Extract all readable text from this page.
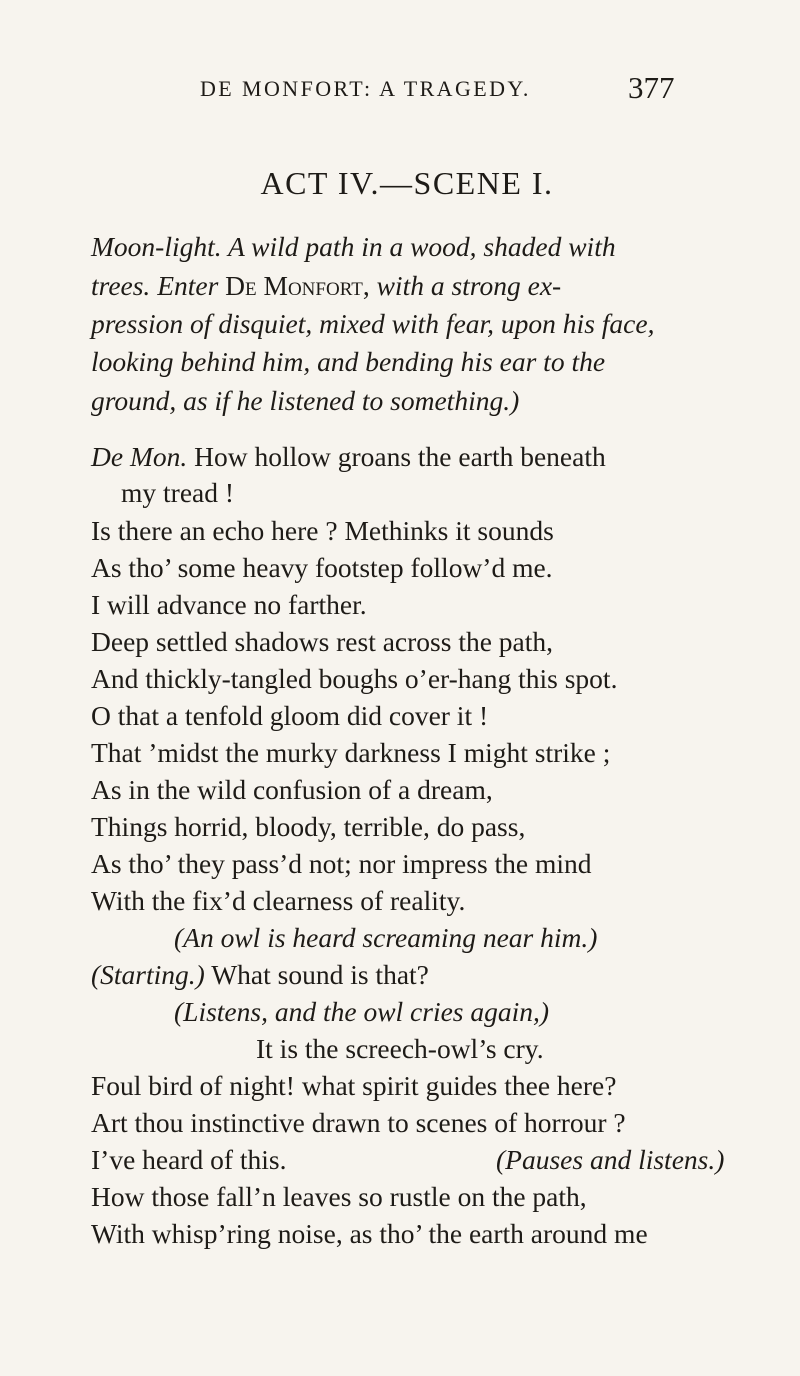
DE MONFORT: A TRAGEDY.	377
ACT IV.—SCENE I.
Moon-light. A wild path in a wood, shaded with
trees. Enter De Monfort, with a strong ex-
pression of disquiet, mixed with fear, upon his face,
looking behind him, and bending his ear to the
ground, as if he listened to something.)
De Mon. How hollow groans the earth beneath
my tread !
Is there an echo here ? Methinks it sounds
As tho’ some heavy footstep follow’d me.
I will advance no farther.
Deep settled shadows rest across the path,
And thickly-tangled boughs o’er-hang this spot.
O that a tenfold gloom did cover it !
That ’midst the murky darkness I might strike ;
As in the wild confusion of a dream,
Things horrid, bloody, terrible, do pass,
As tho’ they pass’d not; nor impress the mind
With the fix’d clearness of reality.
(An owl is heard screaming near him.)
(Starting.) What sound is that?
(Listens, and the owl cries again,)
It is the screech-owl’s cry.
Foul bird of night! what spirit guides thee here?
Art thou instinctive drawn to scenes of horrour ?
I’ve heard of this.	(Pauses and listens.)
How those fall’n leaves so rustle on the path,
With whisp’ring noise, as tho’ the earth around me
